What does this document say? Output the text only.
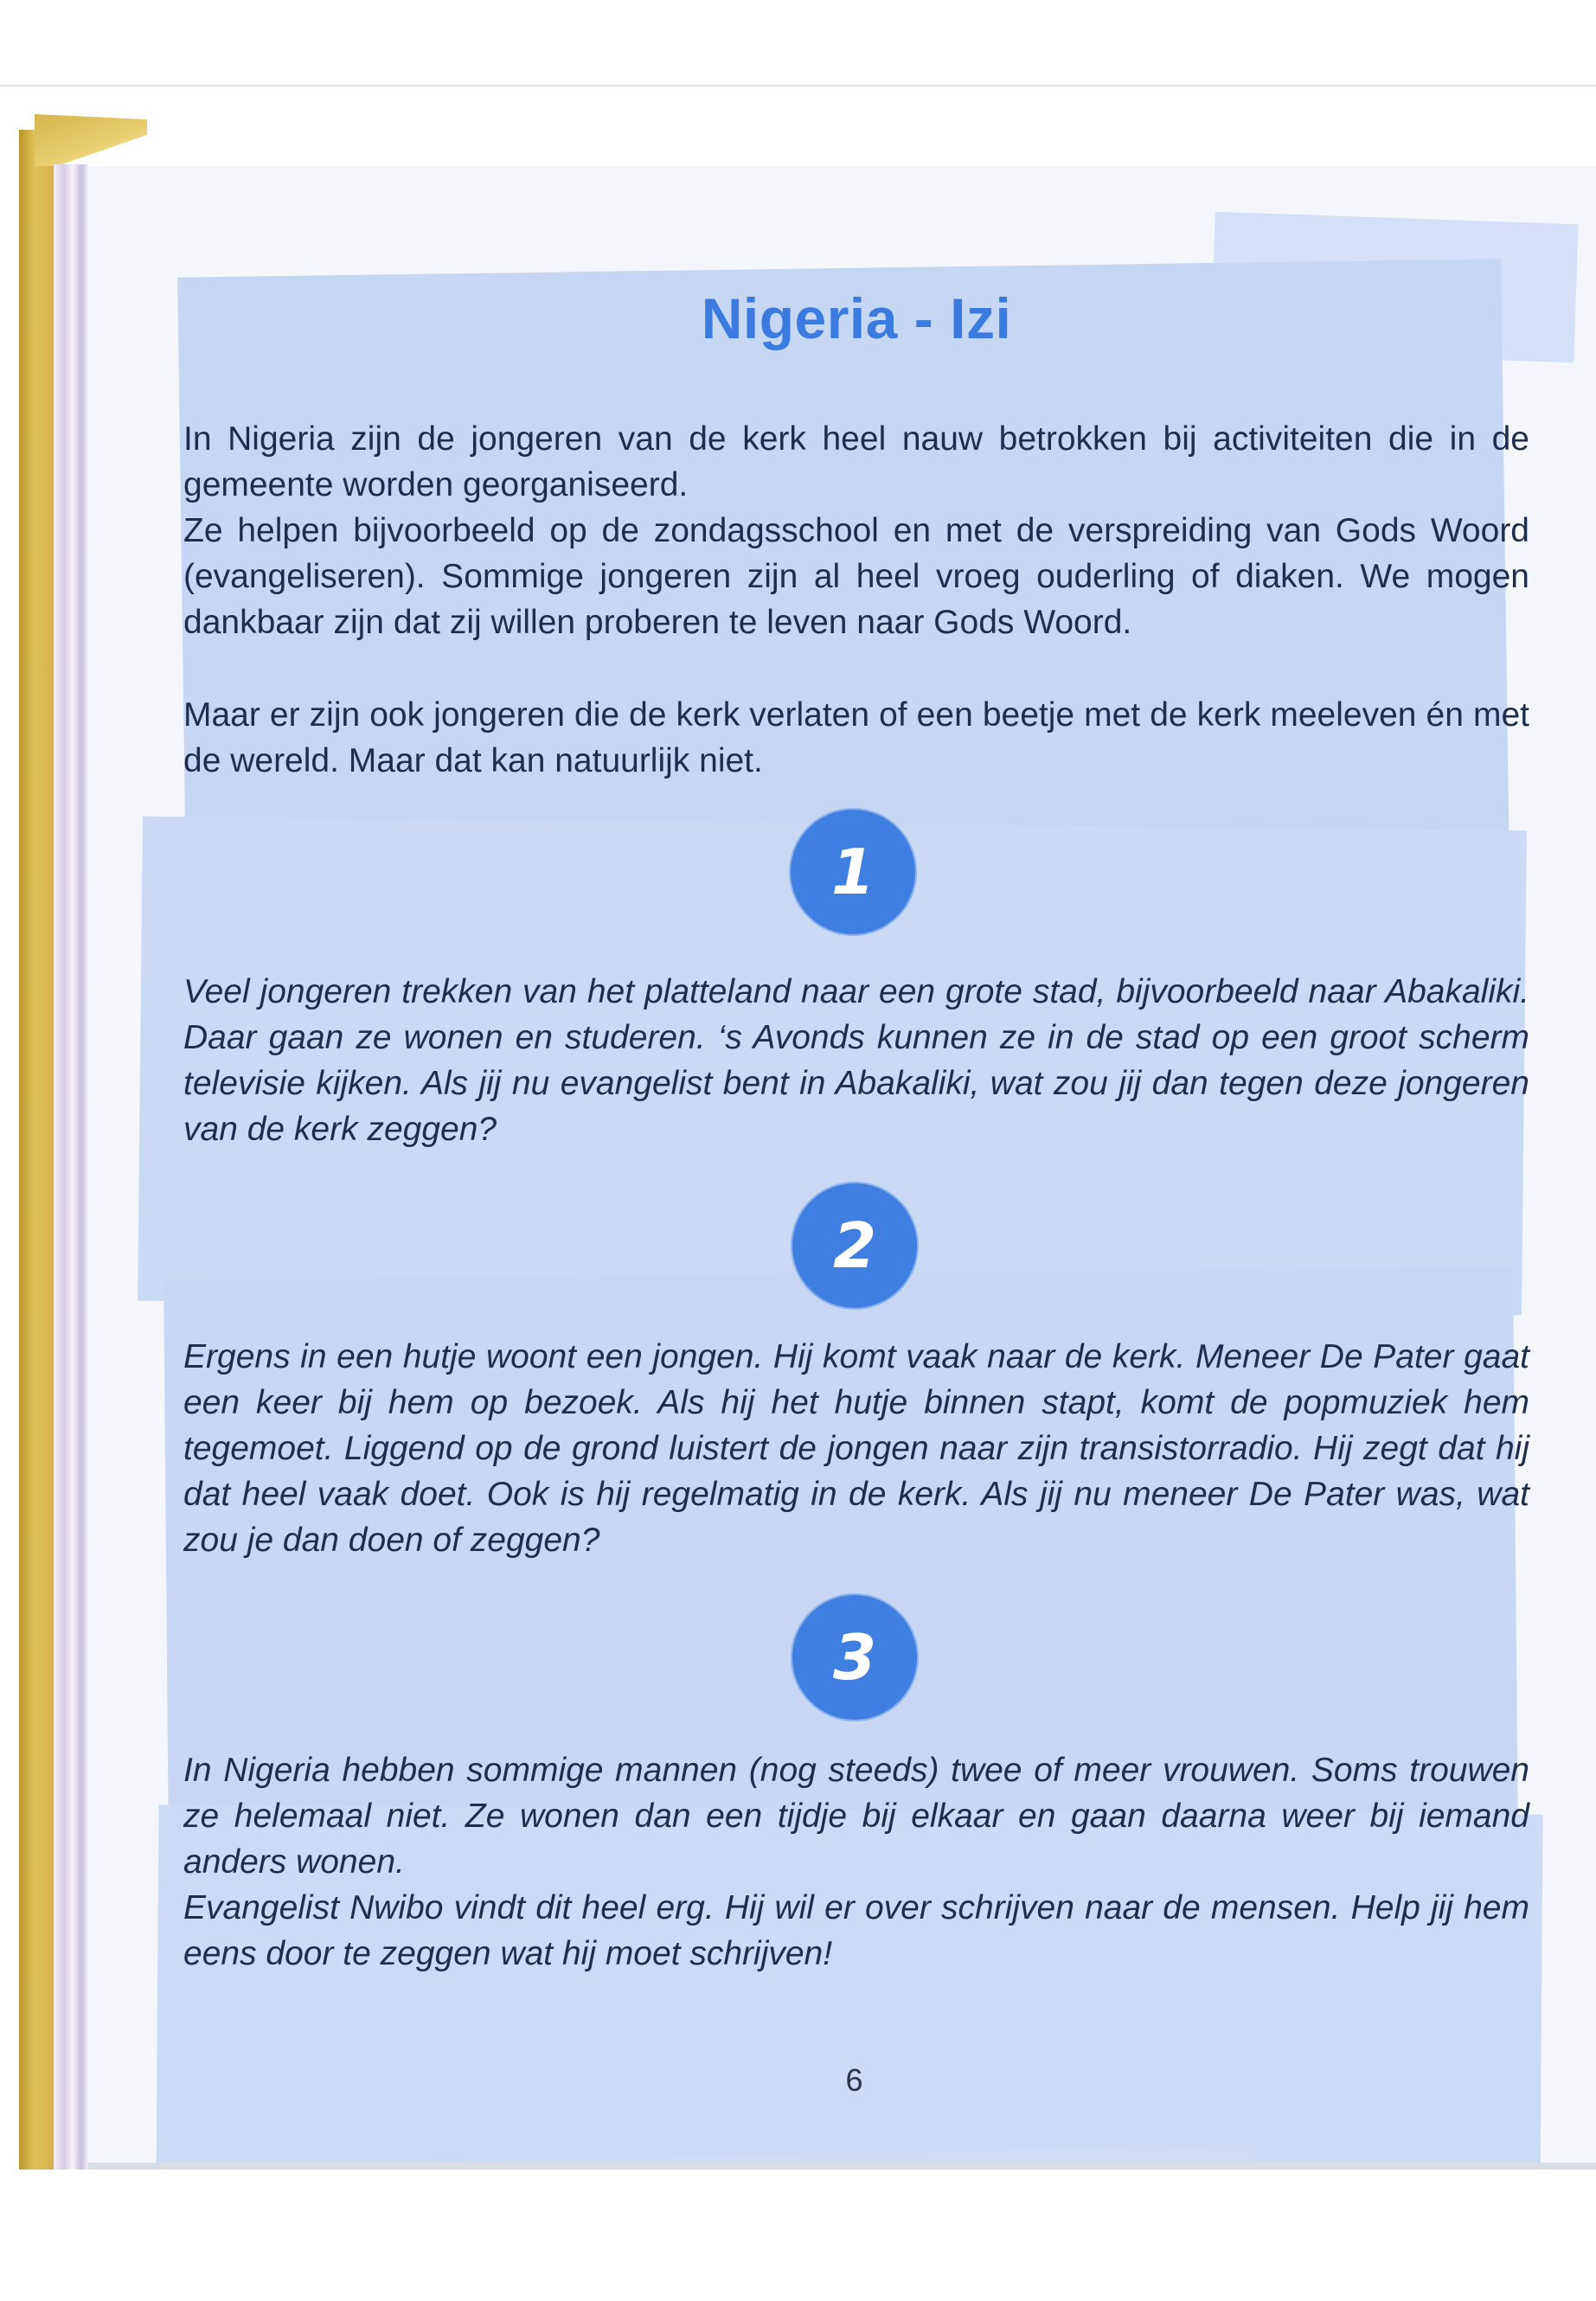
Nigeria - Izi

In Nigeria zijn de jongeren van de kerk heel nauw betrokken bij activiteiten die in de gemeente worden georganiseerd.

Ze helpen bijvoorbeeld op de zondagsschool en met de verspreiding van Gods Woord (evangeliseren). Sommige jongeren zijn al heel vroeg ouderling of diaken. We mogen dankbaar zijn dat zij willen proberen te leven naar Gods Woord.

Maar er zijn ook jongeren die de kerk verlaten of een beetje met de kerk meeleven én met de wereld. Maar dat kan natuurlijk niet.

1

Veel jongeren trekken van het platteland naar een grote stad, bijvoorbeeld naar Abakaliki. Daar gaan ze wonen en studeren. ‘s Avonds kunnen ze in de stad op een groot scherm televisie kijken. Als jij nu evangelist bent in Abakaliki, wat zou jij dan tegen deze jongeren van de kerk zeggen?

2

Ergens in een hutje woont een jongen. Hij komt vaak naar de kerk. Meneer De Pater gaat een keer bij hem op bezoek. Als hij het hutje binnen stapt, komt de popmuziek hem tegemoet. Liggend op de grond luistert de jongen naar zijn transistorradio. Hij zegt dat hij dat heel vaak doet. Ook is hij regelmatig in de kerk. Als jij nu meneer De Pater was, wat zou je dan doen of zeggen?

3

In Nigeria hebben sommige mannen (nog steeds) twee of meer vrouwen. Soms trouwen ze helemaal niet. Ze wonen dan een tijdje bij elkaar en gaan daarna weer bij iemand anders wonen.

Evangelist Nwibo vindt dit heel erg. Hij wil er over schrijven naar de mensen. Help jij hem eens door te zeggen wat hij moet schrijven!

6
